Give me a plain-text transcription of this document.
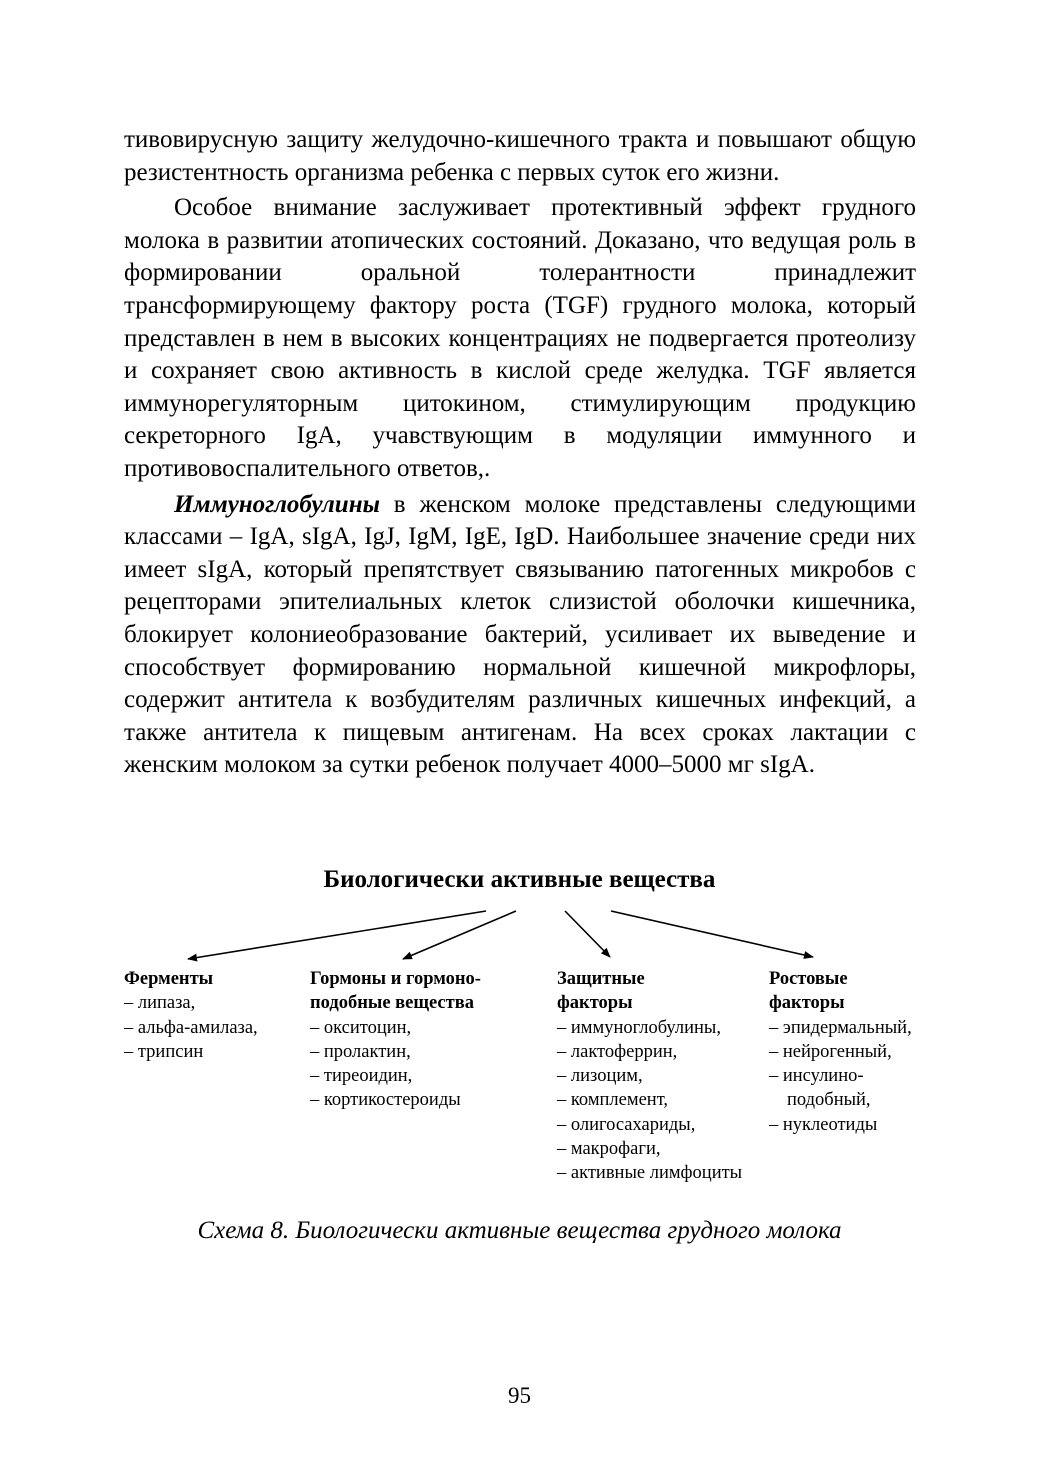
тивовирусную защиту желудочно-кишечного тракта и повышают общую резистентность организма ребенка с первых суток его жизни.

Особое внимание заслуживает протективный эффект грудного молока в развитии атопических состояний. Доказано, что ведущая роль в формировании оральной толерантности принадлежит трансформирующему фактору роста (TGF) грудного молока, который представлен в нем в высоких концентрациях не подвергается протеолизу и сохраняет свою активность в кислой среде желудка. TGF является иммунорегуляторным цитокином, стимулирующим продукцию секреторного IgA, учавствующим в модуляции иммунного и противовоспалительного ответов,.

Иммуноглобулины в женском молоке представлены следующими классами – IgA, sIgA, IgJ, IgM, IgE, IgD. Наибольшее значение среди них имеет sIgA, который препятствует связыванию патогенных микробов с рецепторами эпителиальных клеток слизистой оболочки кишечника, блокирует колониеобразование бактерий, усиливает их выведение и способствует формированию нормальной кишечной микрофлоры, содержит антитела к возбудителям различных кишечных инфекций, а также антитела к пищевым антигенам. На всех сроках лактации с женским молоком за сутки ребенок получает 4000–5000 мг sIgA.

Биологически активные вещества
Ферменты
– липаза,
– альфа-амилаза,
– трипсин
Гормоны и гормоно-
подобные вещества
– окситоцин,
– пролактин,
– тиреоидин,
– кортикостероиды
Защитные
факторы
– иммуноглобулины,
– лактоферрин,
– лизоцим,
– комплемент,
– олигосахариды,
– макрофаги,
– активные лимфоциты
Ростовые
факторы
– эпидермальный,
– нейрогенный,
– инсулино-
подобный,
– нуклеотиды
Схема 8. Биологически активные вещества грудного молока
95
